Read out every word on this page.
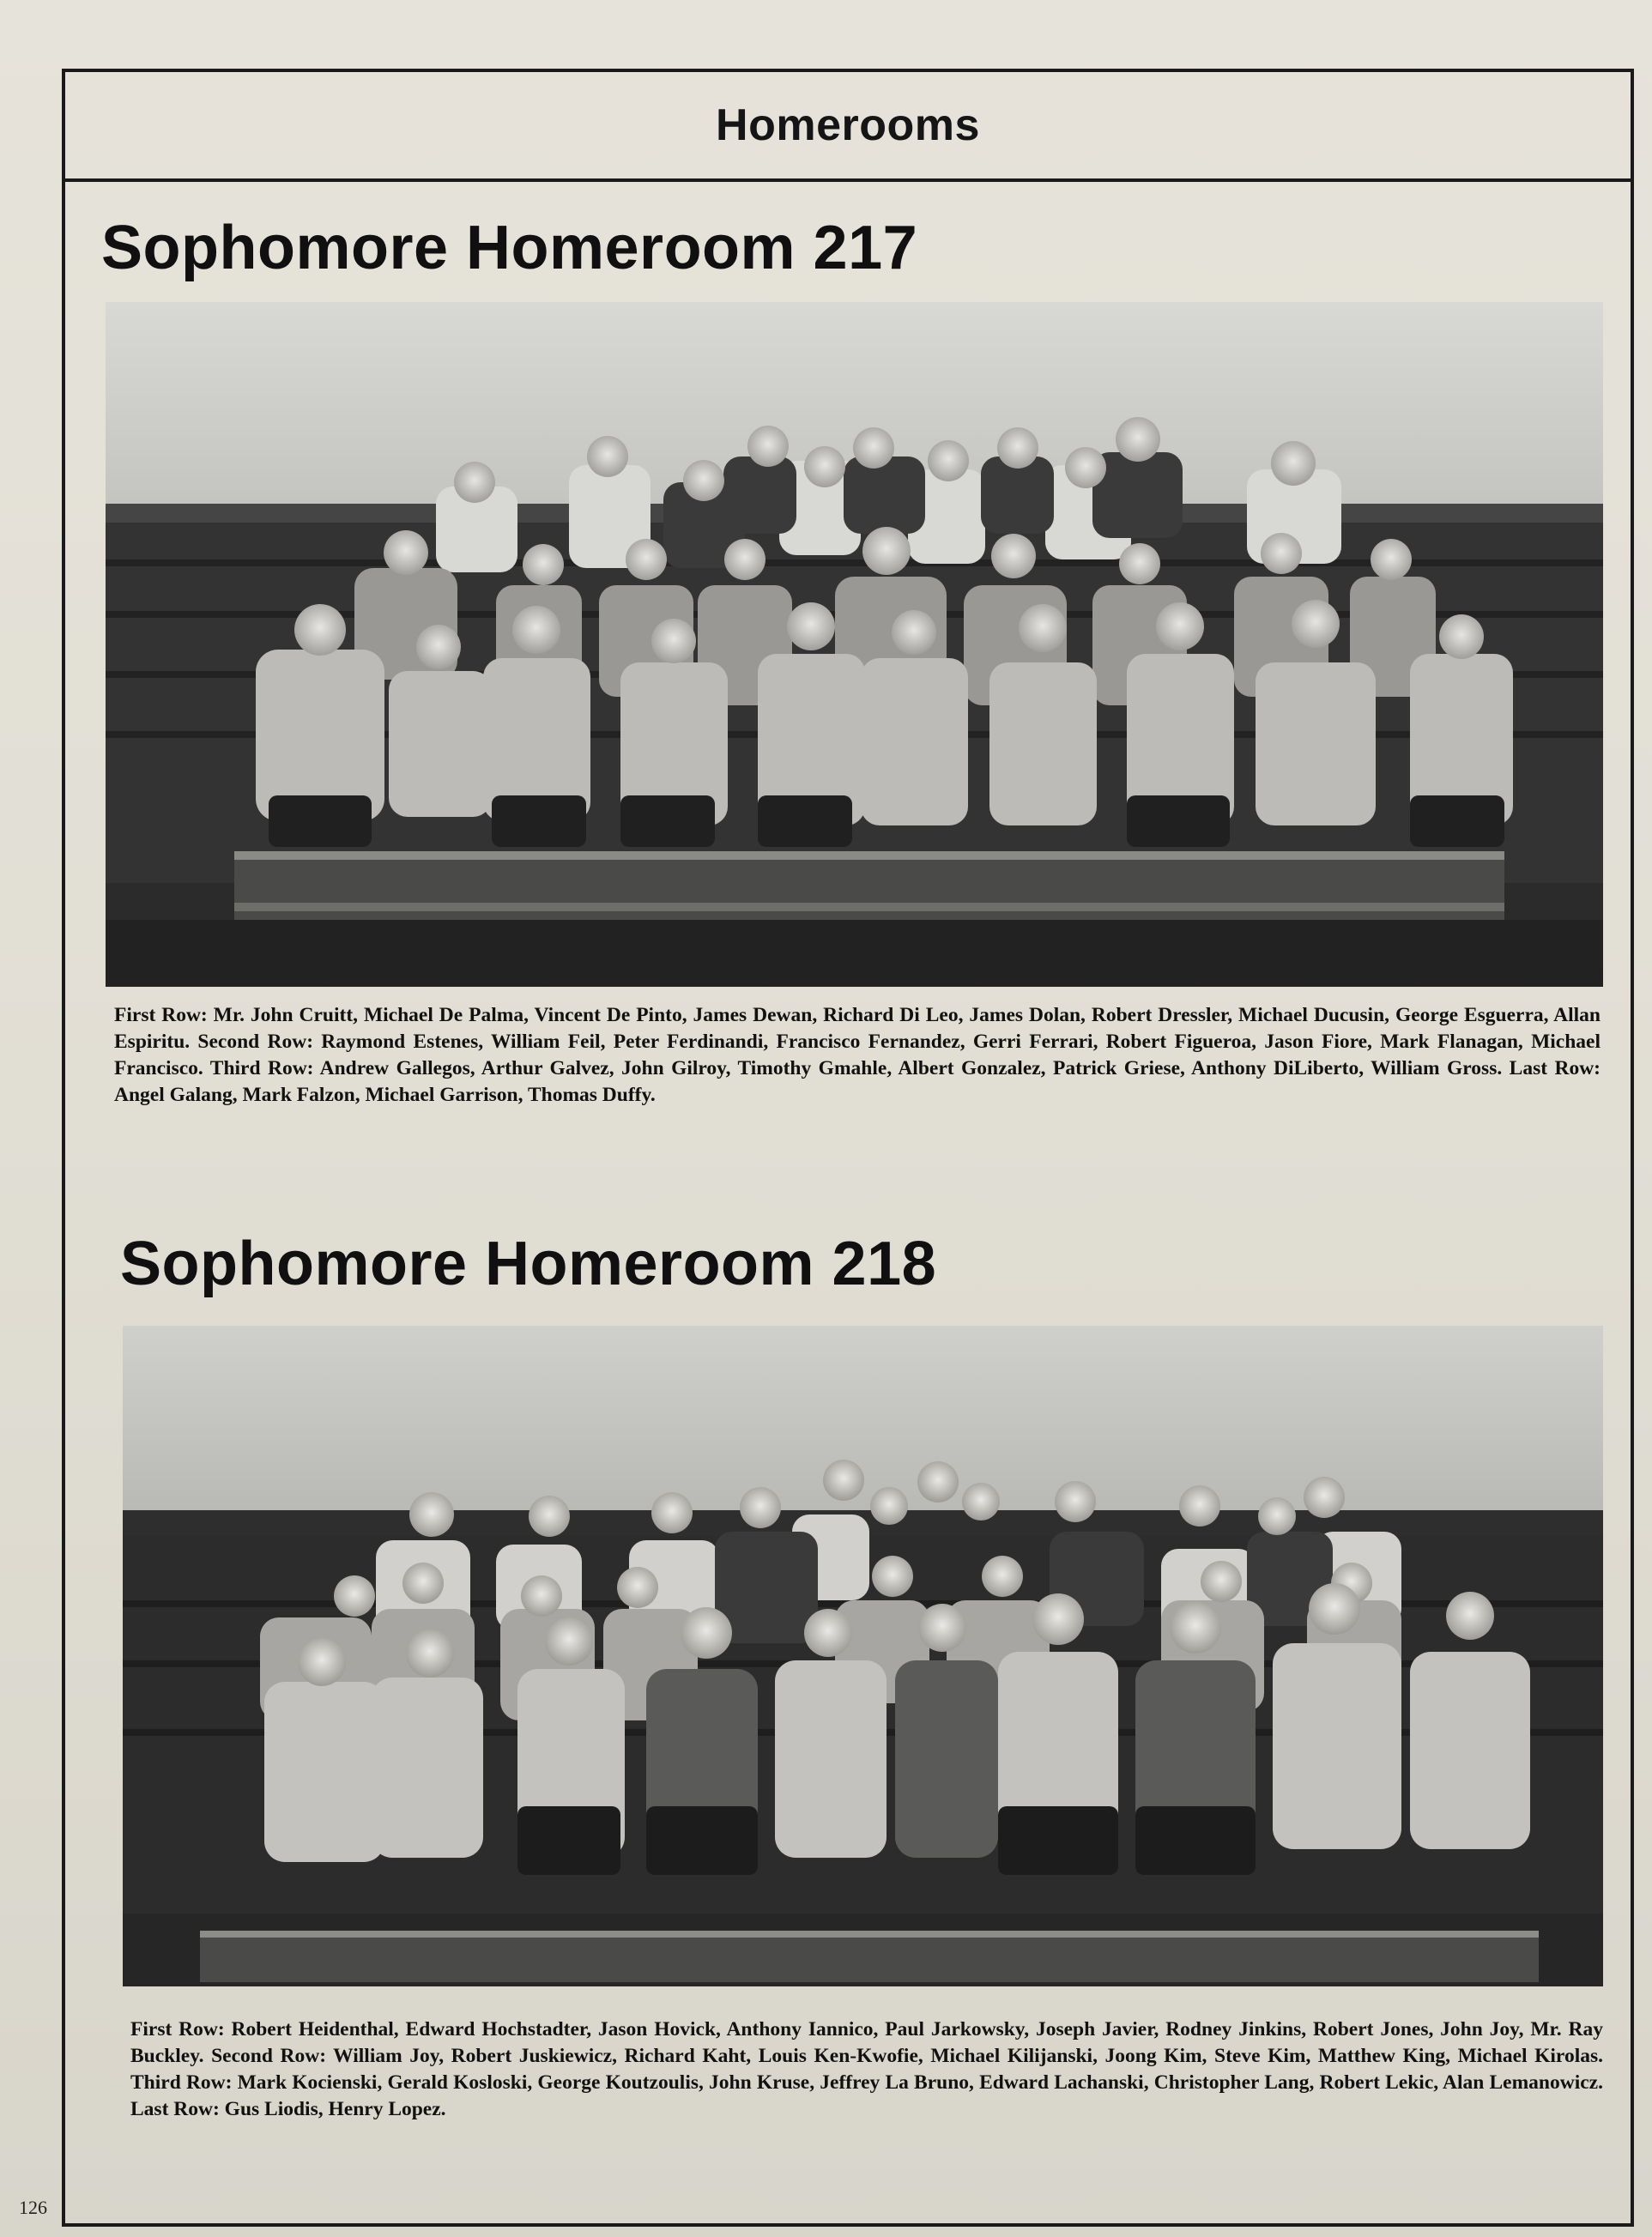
Homerooms
Sophomore Homeroom 217

First Row: Mr. John Cruitt, Michael De Palma, Vincent De Pinto, James Dewan, Richard Di Leo, James Dolan, Robert Dressler, Michael Ducusin, George Esguerra, Allan Espiritu. Second Row: Raymond Estenes, William Feil, Peter Ferdinandi, Francisco Fernandez, Gerri Ferrari, Robert Figueroa, Jason Fiore, Mark Flanagan, Michael Francisco. Third Row: Andrew Gallegos, Arthur Galvez, John Gilroy, Timothy Gmahle, Albert Gonzalez, Patrick Griese, Anthony DiLiberto, William Gross. Last Row: Angel Galang, Mark Falzon, Michael Garrison, Thomas Duffy.

Sophomore Homeroom 218

First Row: Robert Heidenthal, Edward Hochstadter, Jason Hovick, Anthony Iannico, Paul Jarkowsky, Joseph Javier, Rodney Jinkins, Robert Jones, John Joy, Mr. Ray Buckley. Second Row: William Joy, Robert Juskiewicz, Richard Kaht, Louis Ken-Kwofie, Michael Kilijanski, Joong Kim, Steve Kim, Matthew King, Michael Kirolas. Third Row: Mark Kocienski, Gerald Kosloski, George Koutzoulis, John Kruse, Jeffrey La Bruno, Edward Lachanski, Christopher Lang, Robert Lekic, Alan Lemanowicz. Last Row: Gus Liodis, Henry Lopez.

126
